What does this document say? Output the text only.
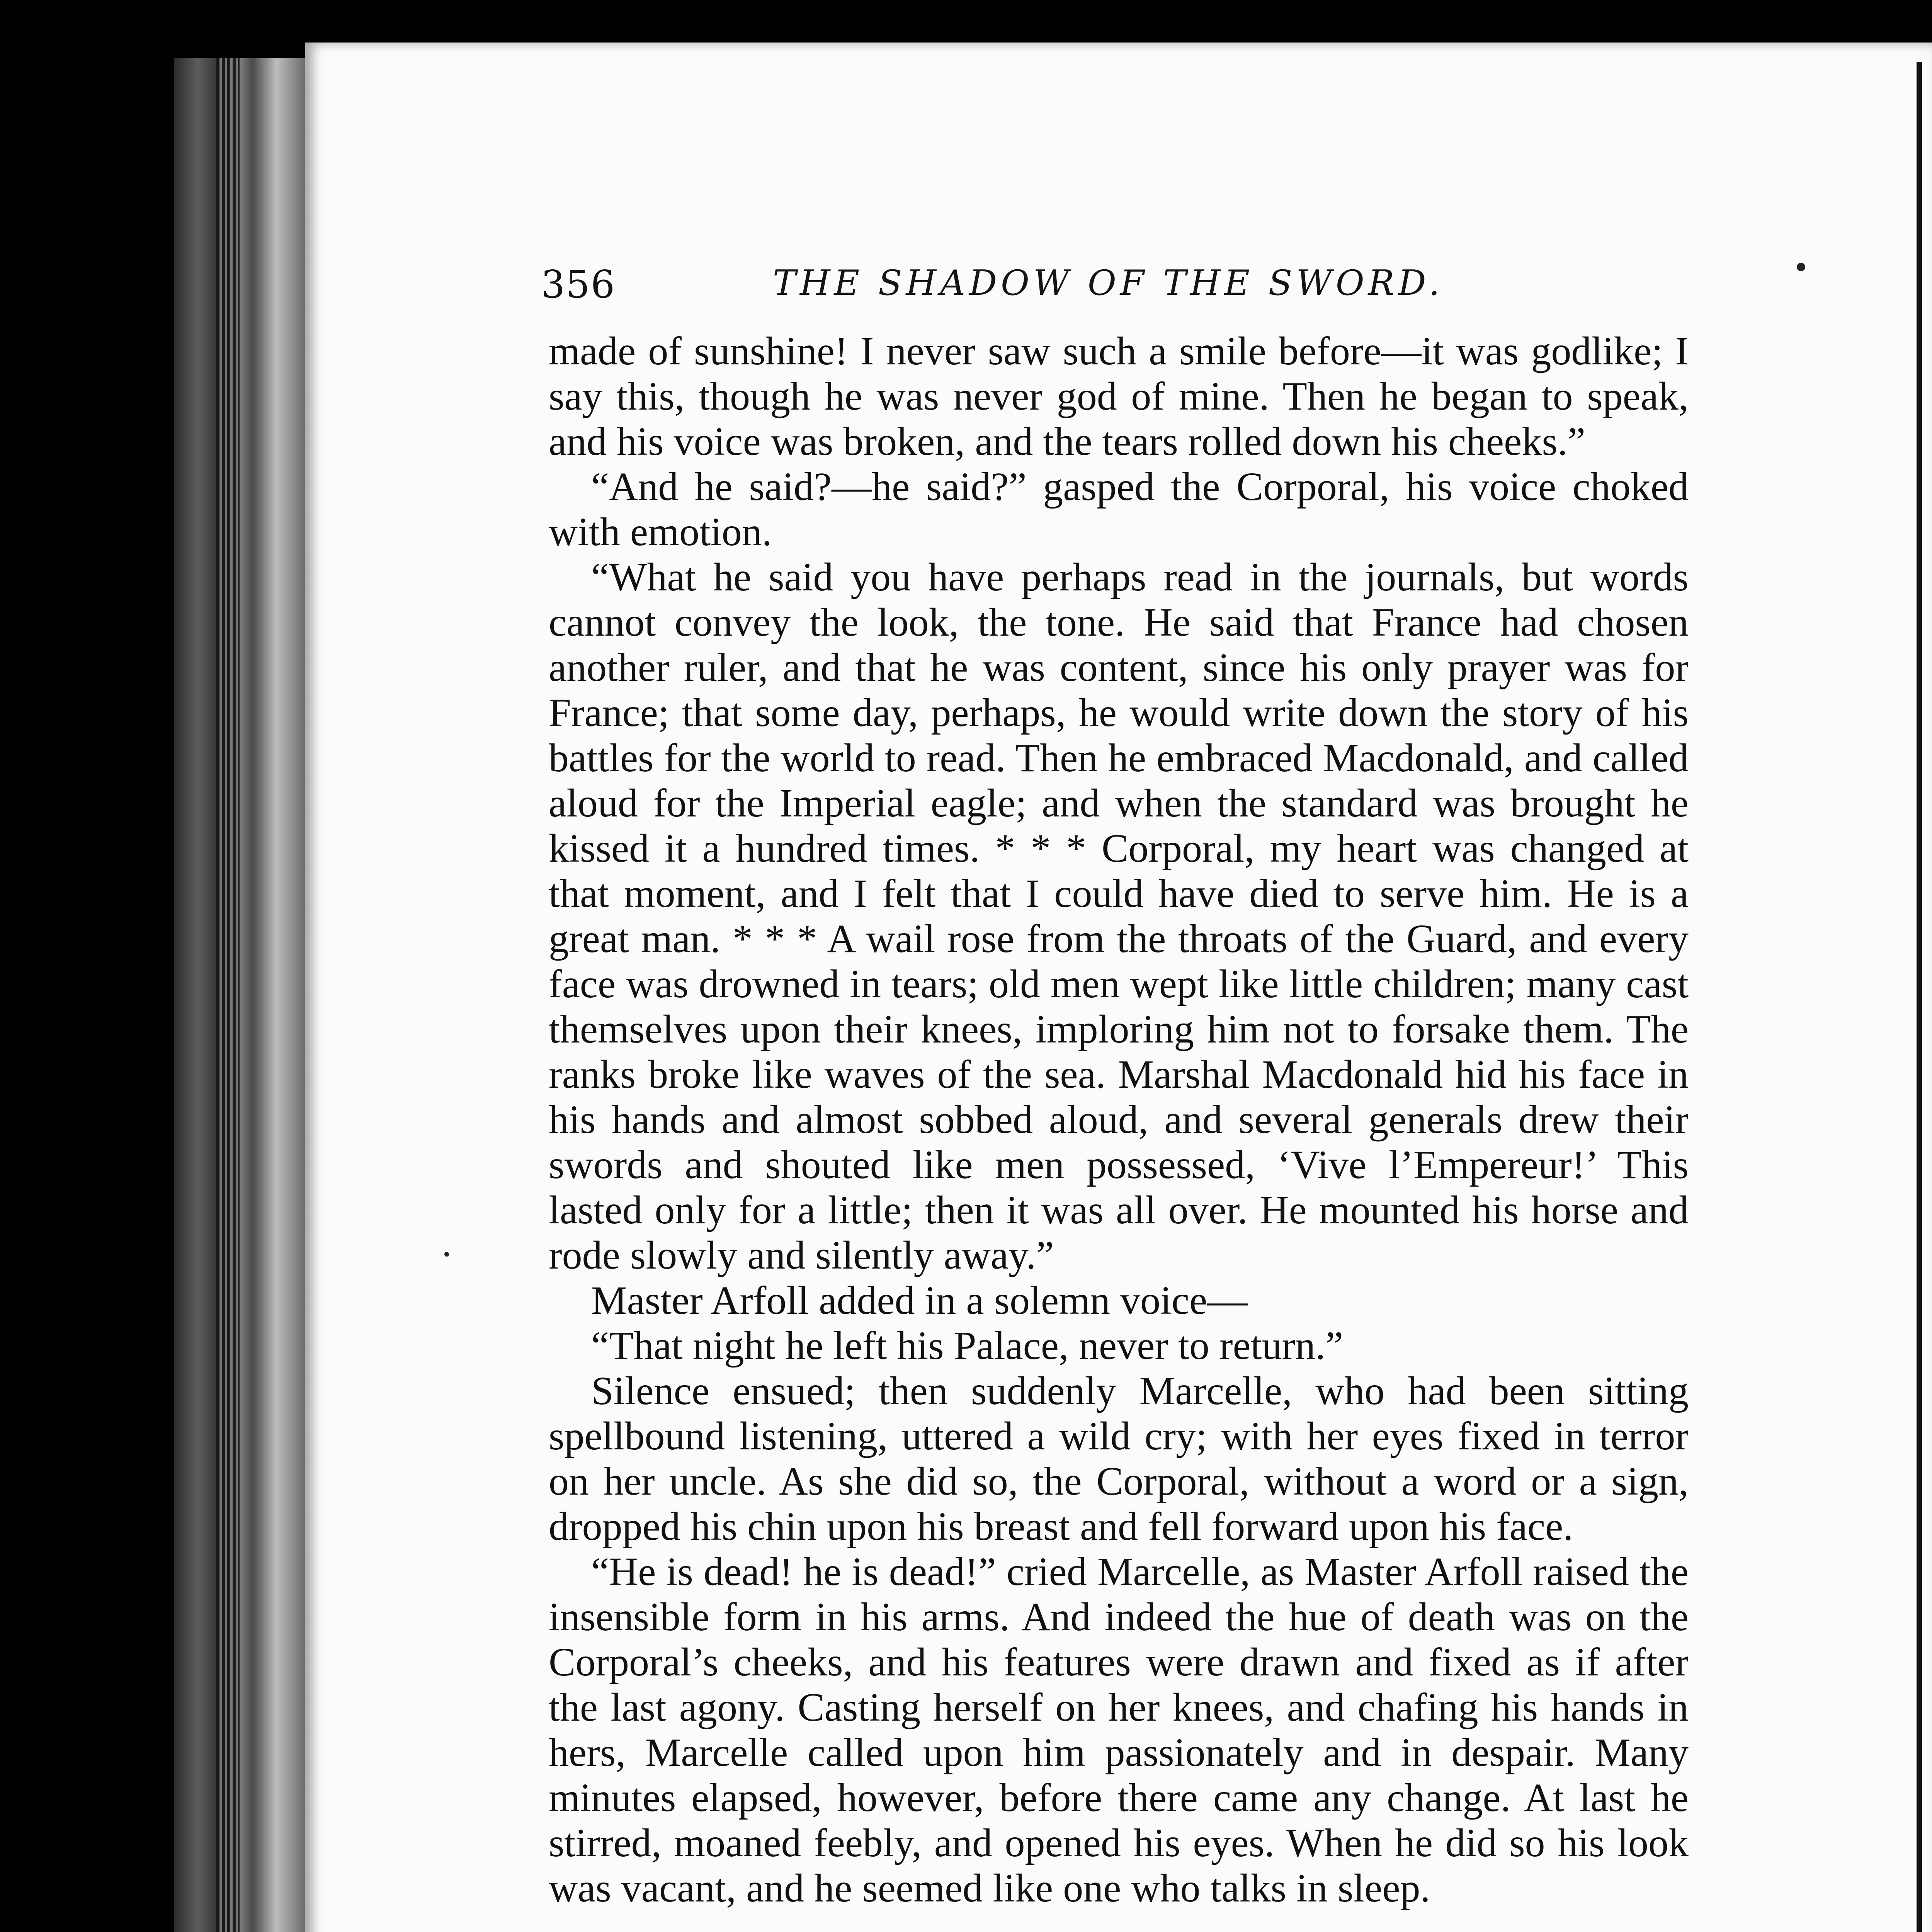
356	THE SHADOW OF THE SWORD.

made of sunshine! I never saw such a smile before—it was godlike; I say this, though he was never god of mine. Then he began to speak, and his voice was broken, and the tears rolled down his cheeks.”

“And he said?—he said?” gasped the Corporal, his voice choked with emotion.

“What he said you have perhaps read in the journals, but words cannot convey the look, the tone. He said that France had chosen another ruler, and that he was content, since his only prayer was for France; that some day, perhaps, he would write down the story of his battles for the world to read. Then he embraced Macdonald, and called aloud for the Imperial eagle; and when the standard was brought he kissed it a hundred times. * * * Corporal, my heart was changed at that moment, and I felt that I could have died to serve him. He is a great man. * * * A wail rose from the throats of the Guard, and every face was drowned in tears; old men wept like little children; many cast themselves upon their knees, imploring him not to forsake them. The ranks broke like waves of the sea. Marshal Macdonald hid his face in his hands and almost sobbed aloud, and several generals drew their swords and shouted like men possessed, ‘Vive l’Empereur!’ This lasted only for a little; then it was all over. He mounted his horse and rode slowly and silently away.”

Master Arfoll added in a solemn voice—

“That night he left his Palace, never to return.”

Silence ensued; then suddenly Marcelle, who had been sitting spellbound listening, uttered a wild cry; with her eyes fixed in terror on her uncle. As she did so, the Corporal, without a word or a sign, dropped his chin upon his breast and fell forward upon his face.

“He is dead! he is dead!” cried Marcelle, as Master Arfoll raised the insensible form in his arms. And indeed the hue of death was on the Corporal’s cheeks, and his features were drawn and fixed as if after the last agony. Casting herself on her knees, and chafing his hands in hers, Marcelle called upon him passionately and in despair. Many minutes elapsed, however, before there came any change. At last he stirred, moaned feebly, and opened his eyes. When he did so his look was vacant, and he seemed like one who talks in sleep.
